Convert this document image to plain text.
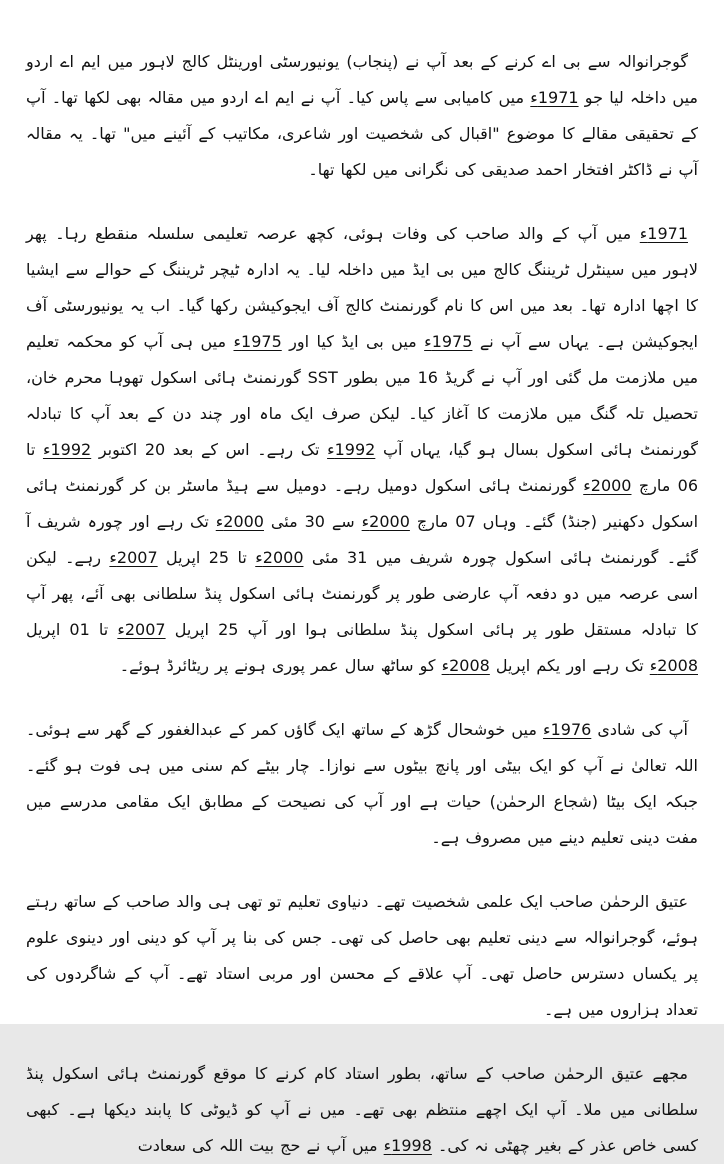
گوجرانوالہ سے بی اے کرنے کے بعد آپ نے (پنجاب) یونیورسٹی اورینٹل کالج لاہور میں ایم اے اردو میں داخلہ لیا جو 1971ء میں کامیابی سے پاس کیا۔ آپ نے ایم اے اردو میں مقالہ بھی لکھا تھا۔ آپ کے تحقیقی مقالے کا موضوع "اقبال کی شخصیت اور شاعری، مکاتیب کے آئینے میں" تھا۔ یہ مقالہ آپ نے ڈاکٹر افتخار احمد صدیقی کی نگرانی میں لکھا تھا۔

1971ء میں آپ کے والد صاحب کی وفات ہوئی، کچھ عرصہ تعلیمی سلسلہ منقطع رہا۔ پھر لاہور میں سینٹرل ٹریننگ کالج میں بی ایڈ میں داخلہ لیا۔ یہ ادارہ ٹیچر ٹریننگ کے حوالے سے ایشیا کا اچھا ادارہ تھا۔ بعد میں اس کا نام گورنمنٹ کالج آف ایجوکیشن رکھا گیا۔ اب یہ یونیورسٹی آف ایجوکیشن ہے۔ یہاں سے آپ نے 1975ء میں بی ایڈ کیا اور 1975ء میں ہی آپ کو محکمہ تعلیم میں ملازمت مل گئی اور آپ نے گریڈ 16 میں بطور SST گورنمنٹ ہائی اسکول تھوہا محرم خان، تحصیل تلہ گنگ میں ملازمت کا آغاز کیا۔ لیکن صرف ایک ماہ اور چند دن کے بعد آپ کا تبادلہ گورنمنٹ ہائی اسکول بسال ہو گیا، یہاں آپ 1992ء تک رہے۔ اس کے بعد 20 اکتوبر 1992ء تا 06 مارچ 2000ء گورنمنٹ ہائی اسکول دومیل رہے۔ دومیل سے ہیڈ ماسٹر بن کر گورنمنٹ ہائی اسکول دکھنیر (جنڈ) گئے۔ وہاں 07 مارچ 2000ء سے 30 مئی 2000ء تک رہے اور چورہ شریف آ گئے۔ گورنمنٹ ہائی اسکول چورہ شریف میں 31 مئی 2000ء تا 25 اپریل 2007ء رہے۔ لیکن اسی عرصہ میں دو دفعہ آپ عارضی طور پر گورنمنٹ ہائی اسکول پنڈ سلطانی بھی آئے، پھر آپ کا تبادلہ مستقل طور پر ہائی اسکول پنڈ سلطانی ہوا اور آپ 25 اپریل 2007ء تا 01 اپریل 2008ء تک رہے اور یکم اپریل 2008ء کو ساٹھ سال عمر پوری ہونے پر ریٹائرڈ ہوئے۔

آپ کی شادی 1976ء میں خوشحال گڑھ کے ساتھ ایک گاؤں کمر کے عبدالغفور کے گھر سے ہوئی۔ اللہ تعالیٰ نے آپ کو ایک بیٹی اور پانچ بیٹوں سے نوازا۔ چار بیٹے کم سنی میں ہی فوت ہو گئے۔ جبکہ ایک بیٹا (شجاع الرحمٰن) حیات ہے اور آپ کی نصیحت کے مطابق ایک مقامی مدرسے میں مفت دینی تعلیم دینے میں مصروف ہے۔

عتیق الرحمٰن صاحب ایک علمی شخصیت تھے۔ دنیاوی تعلیم تو تھی ہی والد صاحب کے ساتھ رہتے ہوئے، گوجرانوالہ سے دینی تعلیم بھی حاصل کی تھی۔ جس کی بنا پر آپ کو دینی اور دینوی علوم پر یکساں دسترس حاصل تھی۔ آپ علاقے کے محسن اور مربی استاد تھے۔ آپ کے شاگردوں کی تعداد ہزاروں میں ہے۔

مجھے عتیق الرحمٰن صاحب کے ساتھ، بطور استاد کام کرنے کا موقع گورنمنٹ ہائی اسکول پنڈ سلطانی میں ملا۔ آپ ایک اچھے منتظم بھی تھے۔ میں نے آپ کو ڈیوٹی کا پابند دیکھا ہے۔ کبھی کسی خاص عذر کے بغیر چھٹی نہ کی۔ 1998ء میں آپ نے حج بیت اللہ کی سعادت
